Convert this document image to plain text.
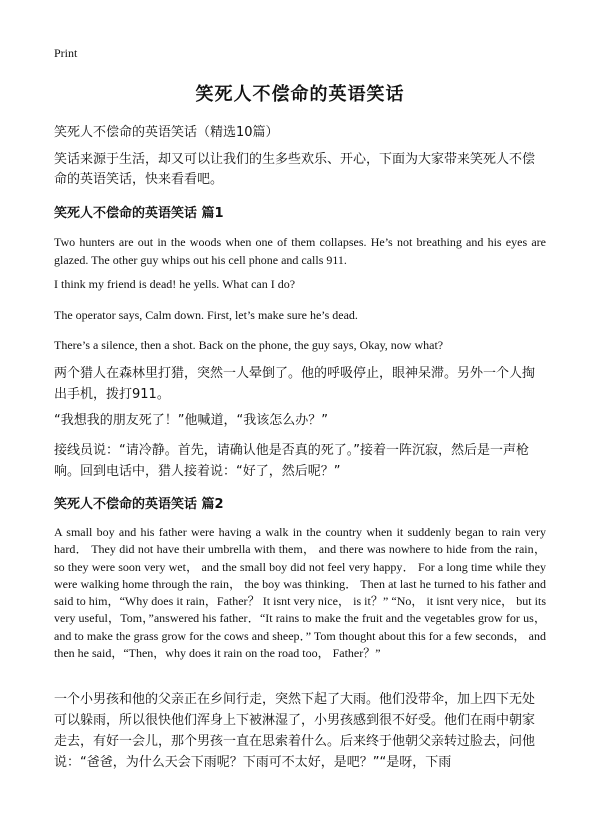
Print
笑死人不偿命的英语笑话
笑死人不偿命的英语笑话（精选10篇）
笑话来源于生活，却又可以让我们的生多些欢乐、开心，下面为大家带来笑死人不偿命的英语笑话，快来看看吧。
笑死人不偿命的英语笑话 篇1
Two hunters are out in the woods when one of them collapses. He’s not breathing and his eyes are glazed. The other guy whips out his cell phone and calls 911.
I think my friend is dead! he yells. What can I do?
The operator says, Calm down. First, let’s make sure he’s dead.
There’s a silence, then a shot. Back on the phone, the guy says, Okay, now what?
两个猎人在森林里打猎，突然一人晕倒了。他的呼吸停止，眼神呆滞。另外一个人掏出手机，拨打911。
“我想我的朋友死了！”他喊道，“我该怎么办？”
接线员说：“请冷静。首先，请确认他是否真的死了。”接着一阵沉寂，然后是一声枪响。回到电话中，猎人接着说：“好了，然后呢？”
笑死人不偿命的英语笑话 篇2
A small boy and his father were having a walk in the country when it suddenly began to rain very hard． They did not have their umbrella with them， and there was nowhere to hide from the rain， so they were soon very wet， and the small boy did not feel very happy． For a long time while they were walking home through the rain， the boy was thinking． Then at last he turned to his father and said to him，“Why does it rain，Father？ It isnt very nice， is it？” “No， it isnt very nice， but its very useful，Tom，”answered his father．“It rains to make the fruit and the vegetables grow for us， and to make the grass grow for the cows and sheep．” Tom thought about this for a few seconds， and then he said，“Then，why does it rain on the road too， Father？”
一个小男孩和他的父亲正在乡间行走，突然下起了大雨。他们没带伞，加上四下无处可以躲雨，所以很快他们浑身上下被淋湿了，小男孩感到很不好受。他们在雨中朝家走去，有好一会儿，那个男孩一直在思索着什么。后来终于他朝父亲转过脸去，问他说：“爸爸，为什么天会下雨呢？下雨可不太好，是吧？”“是呀，下雨
